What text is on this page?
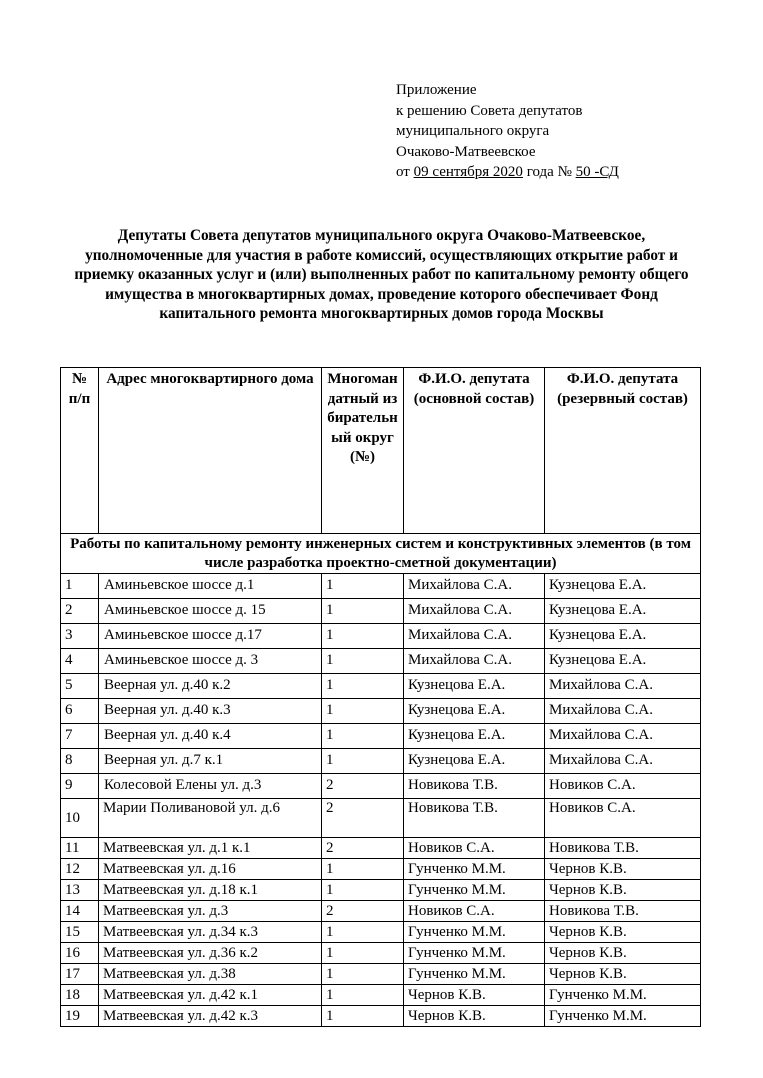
Приложение
к решению Совета депутатов
муниципального округа
Очаково-Матвеевское
от 09 сентября 2020 года № 50 -СД
Депутаты Совета депутатов муниципального округа Очаково-Матвеевское, уполномоченные для участия в работе комиссий, осуществляющих открытие работ и приемку оказанных услуг и (или) выполненных работ по капитальному ремонту общего имущества в многоквартирных домах, проведение которого обеспечивает Фонд капитального ремонта многоквартирных домов города Москвы
№ п/п	Адрес многоквартирного дома	Многомандатный избирательный округ (№)	Ф.И.О. депутата (основной состав)	Ф.И.О. депутата (резервный состав)
Работы по капитальному ремонту инженерных систем и конструктивных элементов (в том числе разработка проектно-сметной документации)				
1	Аминьевское шоссе д.1	1	Михайлова С.А.	Кузнецова Е.А.
2	Аминьевское шоссе д. 15	1	Михайлова С.А.	Кузнецова Е.А.
3	Аминьевское шоссе д.17	1	Михайлова С.А.	Кузнецова Е.А.
4	Аминьевское шоссе д. 3	1	Михайлова С.А.	Кузнецова Е.А.
5	Веерная ул. д.40 к.2	1	Кузнецова Е.А.	Михайлова С.А.
6	Веерная ул. д.40 к.3	1	Кузнецова Е.А.	Михайлова С.А.
7	Веерная ул. д.40 к.4	1	Кузнецова Е.А.	Михайлова С.А.
8	Веерная ул. д.7 к.1	1	Кузнецова Е.А.	Михайлова С.А.
9	Колесовой Елены ул. д.3	2	Новикова Т.В.	Новиков С.А.
10	Марии Поливановой ул. д.6	2	Новикова Т.В.	Новиков С.А.
11	Матвеевская ул. д.1 к.1	2	Новиков С.А.	Новикова Т.В.
12	Матвеевская ул. д.16	1	Гунченко М.М.	Чернов К.В.
13	Матвеевская ул. д.18 к.1	1	Гунченко М.М.	Чернов К.В.
14	Матвеевская ул. д.3	2	Новиков С.А.	Новикова Т.В.
15	Матвеевская ул. д.34 к.3	1	Гунченко М.М.	Чернов К.В.
16	Матвеевская ул. д.36 к.2	1	Гунченко М.М.	Чернов К.В.
17	Матвеевская ул. д.38	1	Гунченко М.М.	Чернов К.В.
18	Матвеевская ул. д.42 к.1	1	Чернов К.В.	Гунченко М.М.
19	Матвеевская ул. д.42 к.3	1	Чернов К.В.	Гунченко М.М.
